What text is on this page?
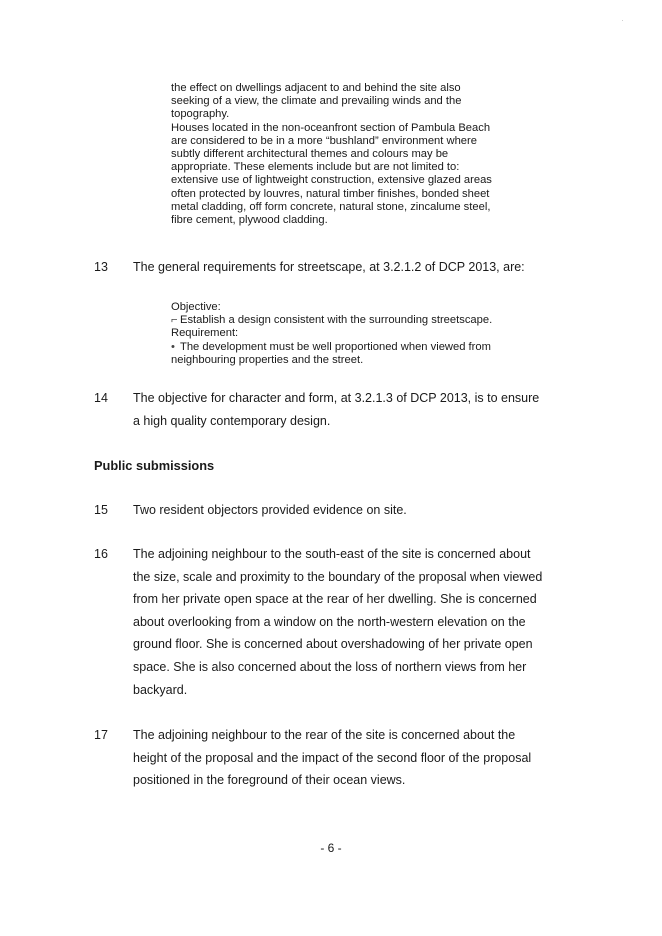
the effect on dwellings adjacent to and behind the site also
seeking of a view, the climate and prevailing winds and the
topography.
Houses located in the non-oceanfront section of Pambula Beach
are considered to be in a more “bushland” environment where
subtly different architectural themes and colours may be
appropriate. These elements include but are not limited to:
extensive use of lightweight construction, extensive glazed areas
often protected by louvres, natural timber finishes, bonded sheet
metal cladding, off form concrete, natural stone, zincalume steel,
fibre cement, plywood cladding.
13 The general requirements for streetscape, at 3.2.1.2 of DCP 2013, are:
Objective:
⌐ Establish a design consistent with the surrounding streetscape.
Requirement:
• The development must be well proportioned when viewed from
neighbouring properties and the street.
14 The objective for character and form, at 3.2.1.3 of DCP 2013, is to ensure
a high quality contemporary design.
Public submissions
15 Two resident objectors provided evidence on site.
16 The adjoining neighbour to the south-east of the site is concerned about
the size, scale and proximity to the boundary of the proposal when viewed
from her private open space at the rear of her dwelling. She is concerned
about overlooking from a window on the north-western elevation on the
ground floor. She is concerned about overshadowing of her private open
space. She is also concerned about the loss of northern views from her
backyard.
17 The adjoining neighbour to the rear of the site is concerned about the
height of the proposal and the impact of the second floor of the proposal
positioned in the foreground of their ocean views.
- 6 -
